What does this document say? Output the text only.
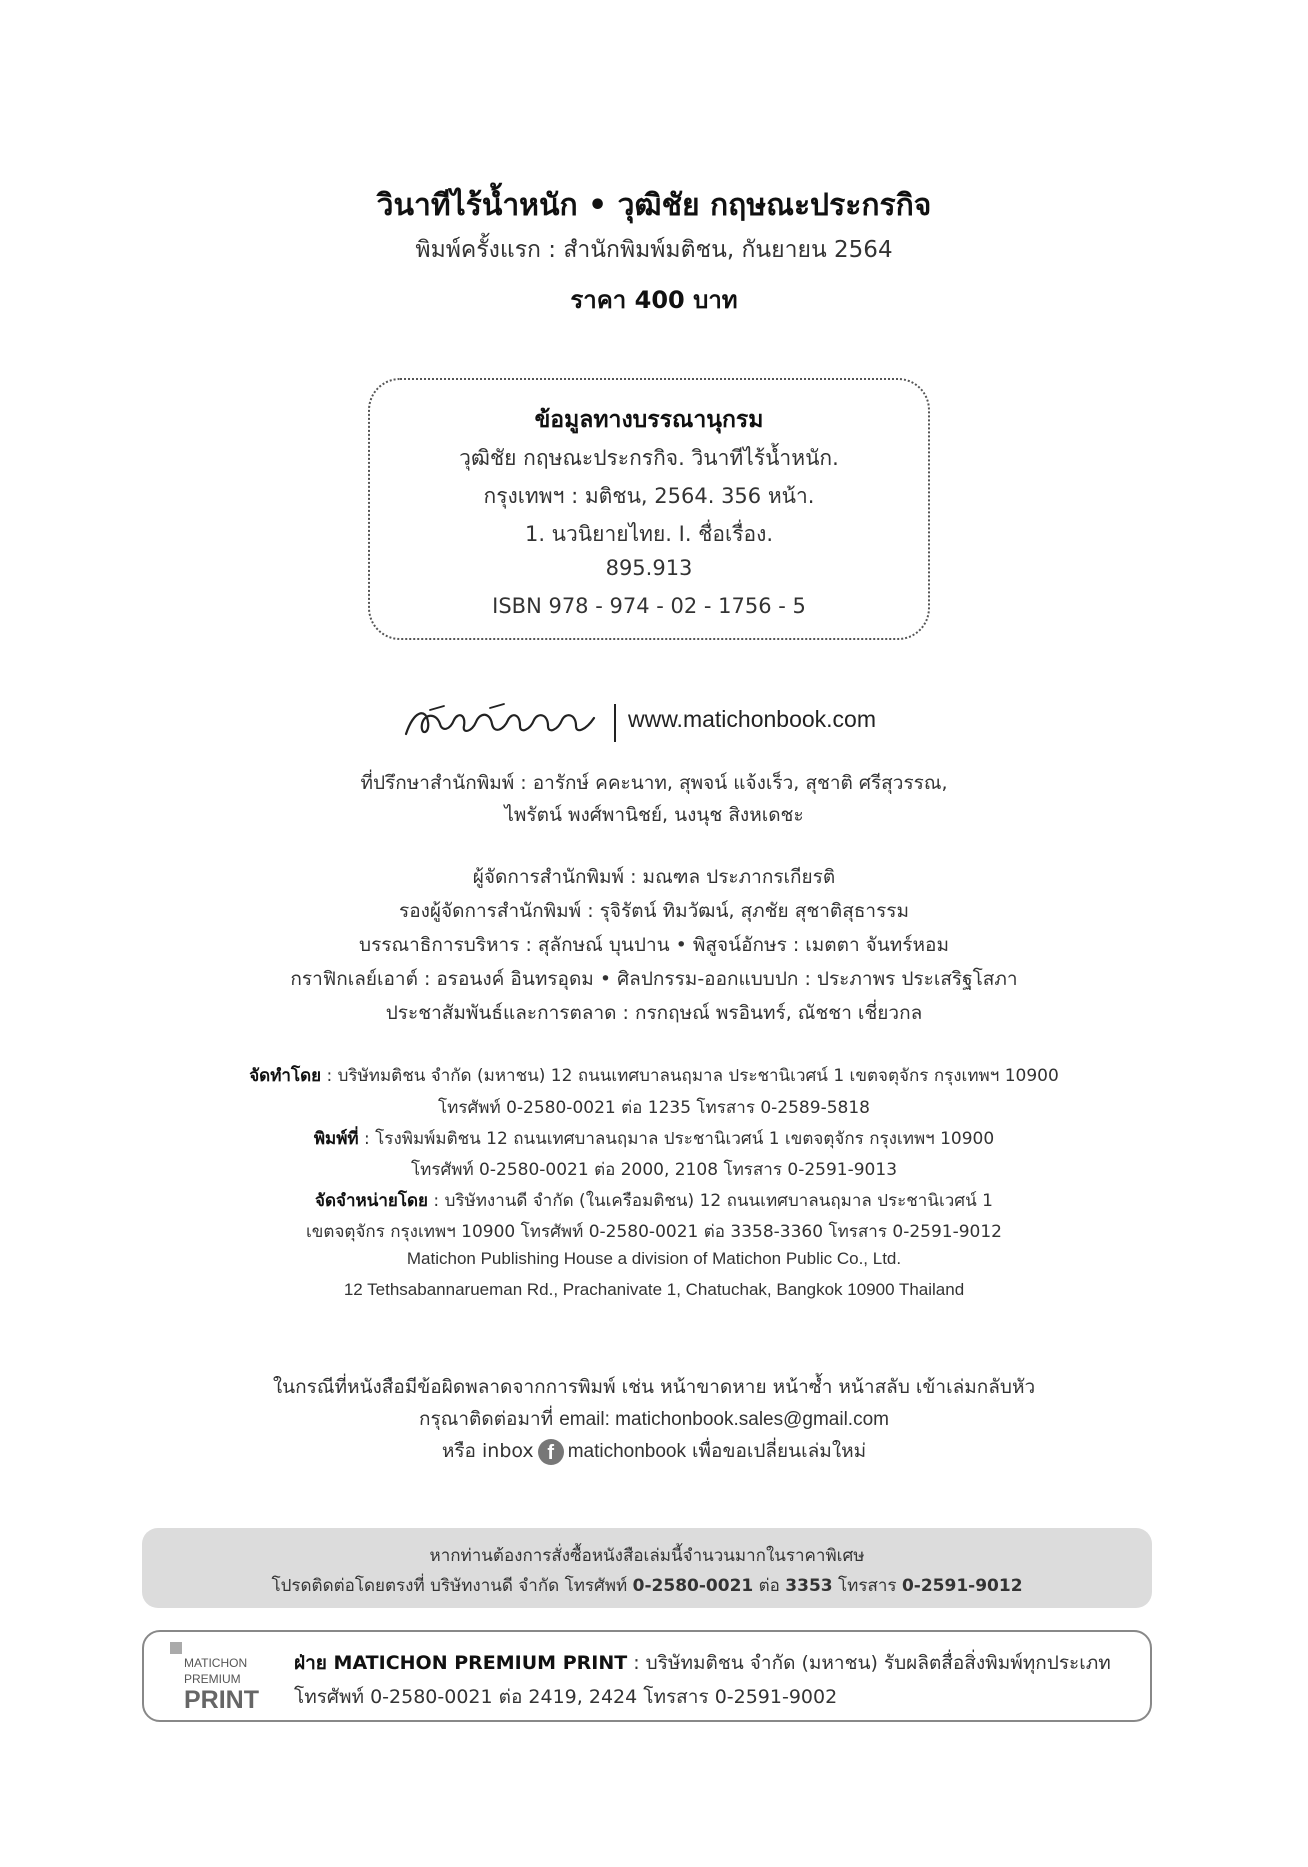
วินาทีไร้น้ำหนัก • วุฒิชัย กฤษณะประกรกิจ
พิมพ์ครั้งแรก : สำนักพิมพ์มติชน, กันยายน 2564
ราคา 400 บาท
ข้อมูลทางบรรณานุกรม
วุฒิชัย กฤษณะประกรกิจ. วินาทีไร้น้ำหนัก.
กรุงเทพฯ : มติชน, 2564. 356 หน้า.
1. นวนิยายไทย. I. ชื่อเรื่อง.
895.913
ISBN 978 - 974 - 02 - 1756 - 5
www.matichonbook.com
ที่ปรึกษาสำนักพิมพ์ : อารักษ์ คคะนาท, สุพจน์ แจ้งเร็ว, สุชาติ ศรีสุวรรณ,
ไพรัตน์ พงศ์พานิชย์, นงนุช สิงหเดชะ
ผู้จัดการสำนักพิมพ์ : มณฑล ประภากรเกียรติ
รองผู้จัดการสำนักพิมพ์ : รุจิรัตน์ ทิมวัฒน์, สุภชัย สุชาติสุธารรม
บรรณาธิการบริหาร : สุลักษณ์ บุนปาน • พิสูจน์อักษร : เมตตา จันทร์หอม
กราฟิกเลย์เอาต์ : อรอนงค์ อินทรอุดม • ศิลปกรรม-ออกแบบปก : ประภาพร ประเสริฐโสภา
ประชาสัมพันธ์และการตลาด : กรกฤษณ์ พรอินทร์, ณัชชา เชี่ยวกล
จัดทำโดย : บริษัทมติชน จำกัด (มหาชน) 12 ถนนเทศบาลนฤมาล ประชานิเวศน์ 1 เขตจตุจักร กรุงเทพฯ 10900
โทรศัพท์ 0-2580-0021 ต่อ 1235 โทรสาร 0-2589-5818
พิมพ์ที่ : โรงพิมพ์มติชน 12 ถนนเทศบาลนฤมาล ประชานิเวศน์ 1 เขตจตุจักร กรุงเทพฯ 10900
โทรศัพท์ 0-2580-0021 ต่อ 2000, 2108 โทรสาร 0-2591-9013
จัดจำหน่ายโดย : บริษัทงานดี จำกัด (ในเครือมติชน) 12 ถนนเทศบาลนฤมาล ประชานิเวศน์ 1
เขตจตุจักร กรุงเทพฯ 10900 โทรศัพท์ 0-2580-0021 ต่อ 3358-3360 โทรสาร 0-2591-9012
Matichon Publishing House a division of Matichon Public Co., Ltd.
12 Tethsabannarueman Rd., Prachanivate 1, Chatuchak, Bangkok 10900 Thailand
ในกรณีที่หนังสือมีข้อผิดพลาดจากการพิมพ์ เช่น หน้าขาดหาย หน้าซ้ำ หน้าสลับ เข้าเล่มกลับหัว
กรุณาติดต่อมาที่ email: matichonbook.sales@gmail.com
หรือ inbox f matichonbook เพื่อขอเปลี่ยนเล่มใหม่
หากท่านต้องการสั่งซื้อหนังสือเล่มนี้จำนวนมากในราคาพิเศษ
โปรดติดต่อโดยตรงที่ บริษัทงานดี จำกัด โทรศัพท์ 0-2580-0021 ต่อ 3353 โทรสาร 0-2591-9012
MATICHON
PREMIUM
PRINT
ฝ่าย MATICHON PREMIUM PRINT : บริษัทมติชน จำกัด (มหาชน) รับผลิตสื่อสิ่งพิมพ์ทุกประเภท
โทรศัพท์ 0-2580-0021 ต่อ 2419, 2424 โทรสาร 0-2591-9002
